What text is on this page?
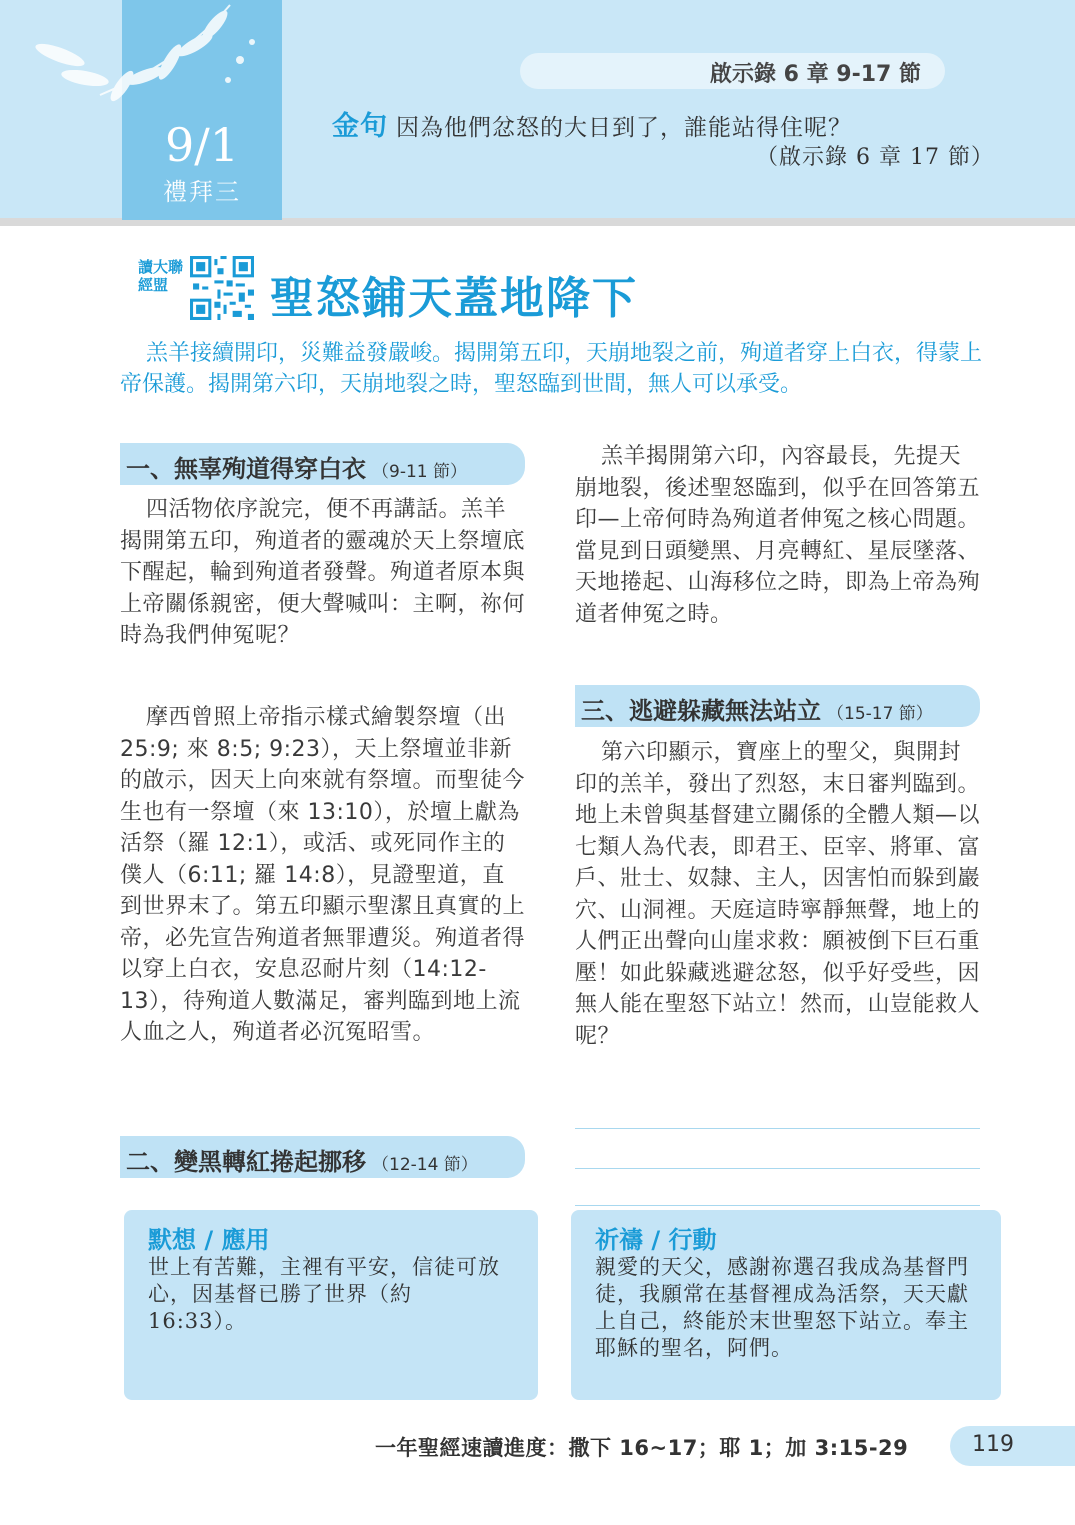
9/1
禮拜三
啟示錄 6 章 9-17 節
金句 因為他們忿怒的大日到了，誰能站得住呢？
（啟示錄 6 章 17 節）
讀大聯經盟	聖怒鋪天蓋地降下

羔羊接續開印，災難益發嚴峻。揭開第五印，天崩地裂之前，殉道者穿上白衣，得蒙上帝保護。揭開第六印，天崩地裂之時，聖怒臨到世間，無人可以承受。

一、無辜殉道得穿白衣 （9-11 節）

四活物依序說完，便不再講話。羔羊揭開第五印，殉道者的靈魂於天上祭壇底下醒起，輪到殉道者發聲。殉道者原本與上帝關係親密，便大聲喊叫：主啊，祢何時為我們伸冤呢？

摩西曾照上帝指示樣式繪製祭壇（出 25:9; 來 8:5; 9:23），天上祭壇並非新的啟示，因天上向來就有祭壇。而聖徒今生也有一祭壇（來 13:10），於壇上獻為活祭（羅 12:1），或活、或死同作主的僕人（6:11; 羅 14:8），見證聖道，直到世界末了。第五印顯示聖潔且真實的上帝，必先宣告殉道者無罪遭災。殉道者得以穿上白衣，安息忍耐片刻（14:12-13），待殉道人數滿足，審判臨到地上流人血之人，殉道者必沉冤昭雪。

二、變黑轉紅捲起挪移 （12-14 節）

羔羊揭開第六印，內容最長，先提天崩地裂，後述聖怒臨到，似乎在回答第五印—上帝何時為殉道者伸冤之核心問題。當見到日頭變黑、月亮轉紅、星辰墜落、天地捲起、山海移位之時，即為上帝為殉道者伸冤之時。

三、逃避躲藏無法站立 （15-17 節）

第六印顯示，寶座上的聖父，與開封印的羔羊，發出了烈怒，末日審判臨到。地上未曾與基督建立關係的全體人類—以七類人為代表，即君王、臣宰、將軍、富戶、壯士、奴隸、主人，因害怕而躲到巖穴、山洞裡。天庭這時寧靜無聲，地上的人們正出聲向山崖求救：願被倒下巨石重壓！如此躲藏逃避忿怒，似乎好受些，因無人能在聖怒下站立！然而，山豈能救人呢？

默想 / 應用

世上有苦難，主裡有平安，信徒可放心，因基督已勝了世界（約 16:33）。

祈禱 / 行動

親愛的天父，感謝祢選召我成為基督門徒，我願常在基督裡成為活祭，天天獻上自己，終能於末世聖怒下站立。奉主耶穌的聖名，阿們。

一年聖經速讀進度：撒下 16~17；耶 1；加 3:15-29	119
